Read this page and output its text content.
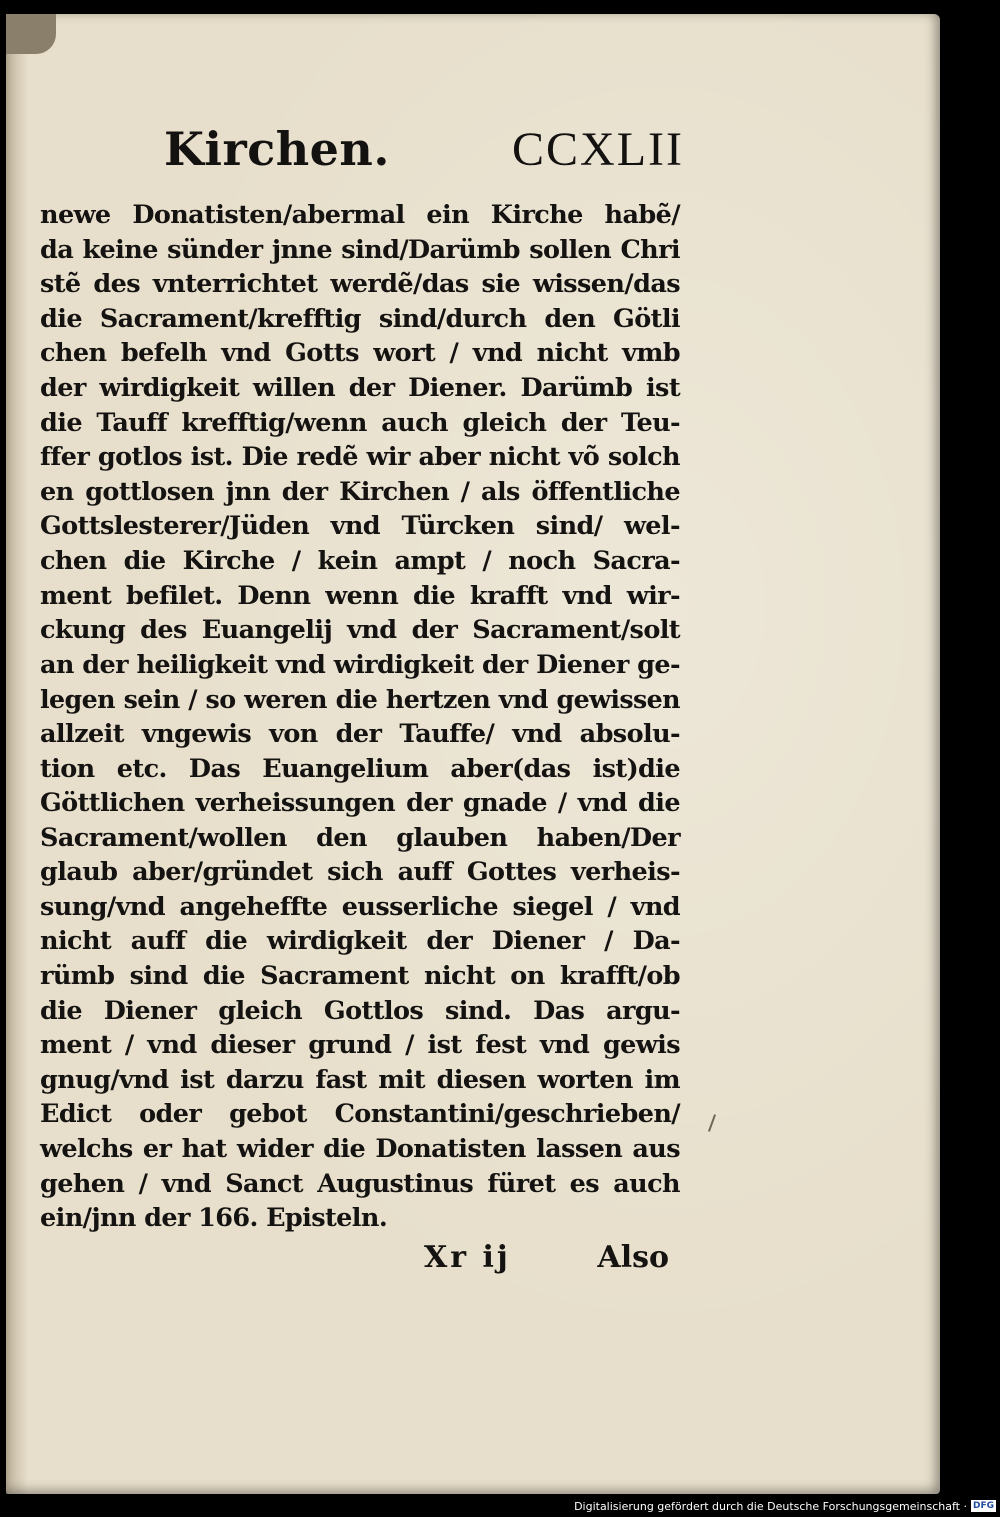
Kirchen.	CCXLII
newe Donatisten/abermal ein Kirche habẽ/
da keine sünder jnne sind/Darümb sollen Chri
stẽ des vnterrichtet werdẽ/das sie wissen/das
die Sacrament/krefftig sind/durch den Götli
chen befelh vnd Gotts wort / vnd nicht vmb
der wirdigkeit willen der Diener. Darümb ist
die Tauff krefftig/wenn auch gleich der Teu-
ffer gotlos ist. Die redẽ wir aber nicht võ solch
en gottlosen jnn der Kirchen / als öffentliche
Gottslesterer/Jüden vnd Türcken sind/ wel-
chen die Kirche / kein ampt / noch Sacra-
ment befilet. Denn wenn die krafft vnd wir-
ckung des Euangelij vnd der Sacrament/solt
an der heiligkeit vnd wirdigkeit der Diener ge-
legen sein / so weren die hertzen vnd gewissen
allzeit vngewis von der Tauffe/ vnd absolu-
tion etc. Das Euangelium aber(das ist)die
Göttlichen verheissungen der gnade / vnd die
Sacrament/wollen den glauben haben/Der
glaub aber/gründet sich auff Gottes verheis-
sung/vnd angeheffte eusserliche siegel / vnd
nicht auff die wirdigkeit der Diener / Da-
rümb sind die Sacrament nicht on krafft/ob
die Diener gleich Gottlos sind. Das argu-
ment / vnd dieser grund / ist fest vnd gewis
gnug/vnd ist darzu fast mit diesen worten im
Edict oder gebot Constantini/geschrieben/
welchs er hat wider die Donatisten lassen aus
gehen / vnd Sanct Augustinus füret es auch
ein/jnn der 166. Episteln.
Xr ij	Also
Digitalisierung gefördert durch die Deutsche Forschungsgemeinschaft · DFG
